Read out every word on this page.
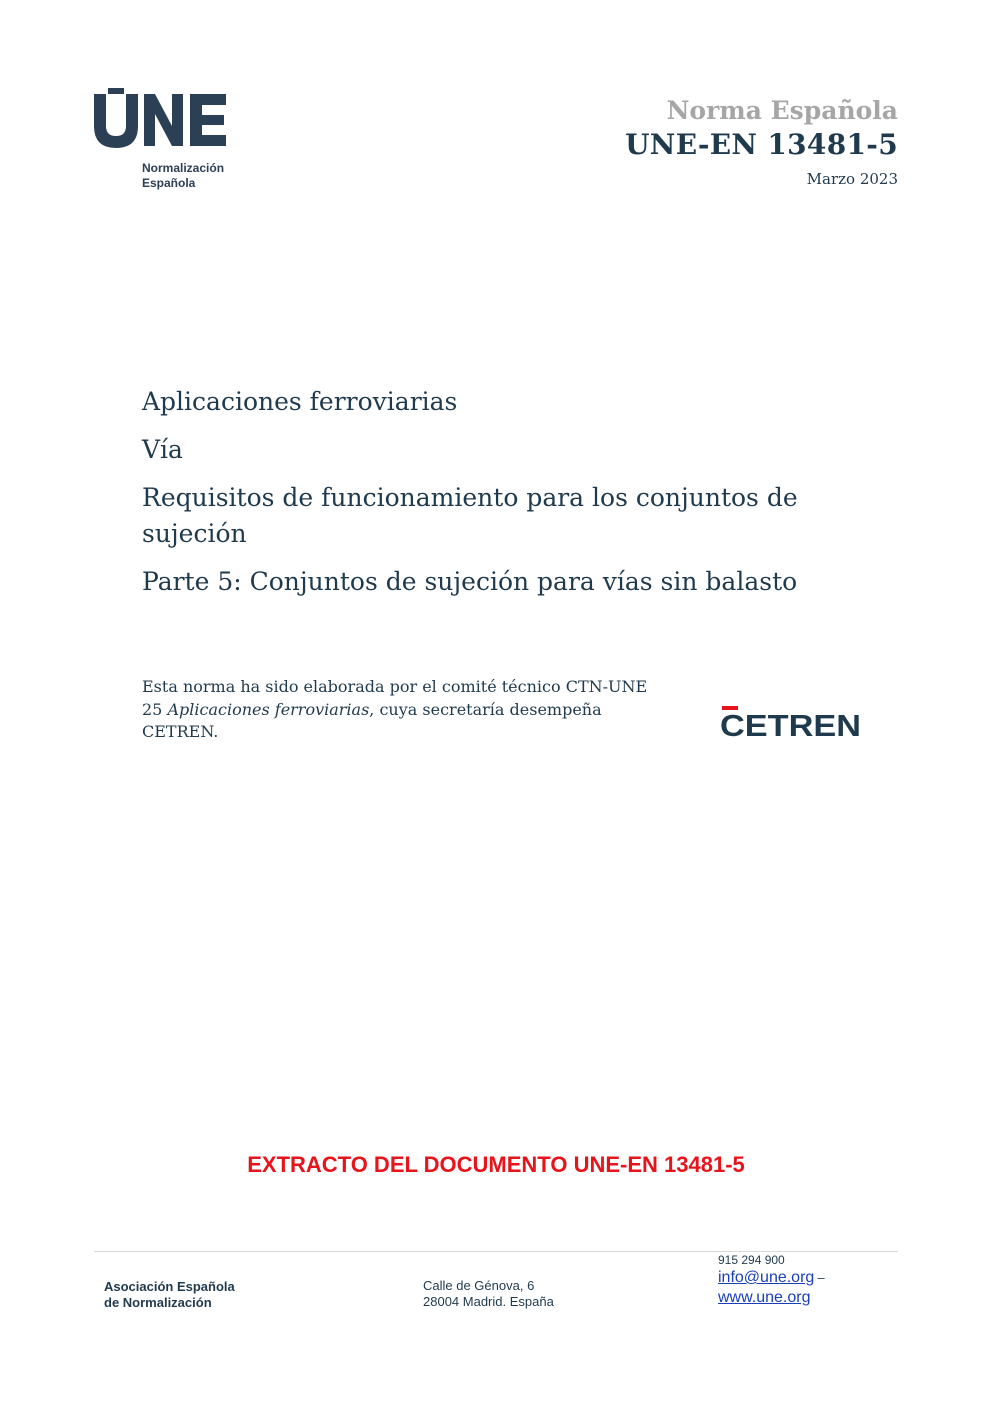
Normalización
Española
Norma Española
UNE-EN 13481-5
Marzo 2023

Aplicaciones ferroviarias

Vía

Requisitos de funcionamiento para los conjuntos de sujeción

Parte 5: Conjuntos de sujeción para vías sin balasto

Esta norma ha sido elaborada por el comité técnico CTN-UNE 25 Aplicaciones ferroviarias, cuya secretaría desempeña CETREN.	CETREN
EXTRACTO DEL DOCUMENTO UNE-EN 13481-5
Asociación Española
de Normalización
Calle de Génova, 6
28004 Madrid. España
915 294 900
info@une.org –
www.une.org
